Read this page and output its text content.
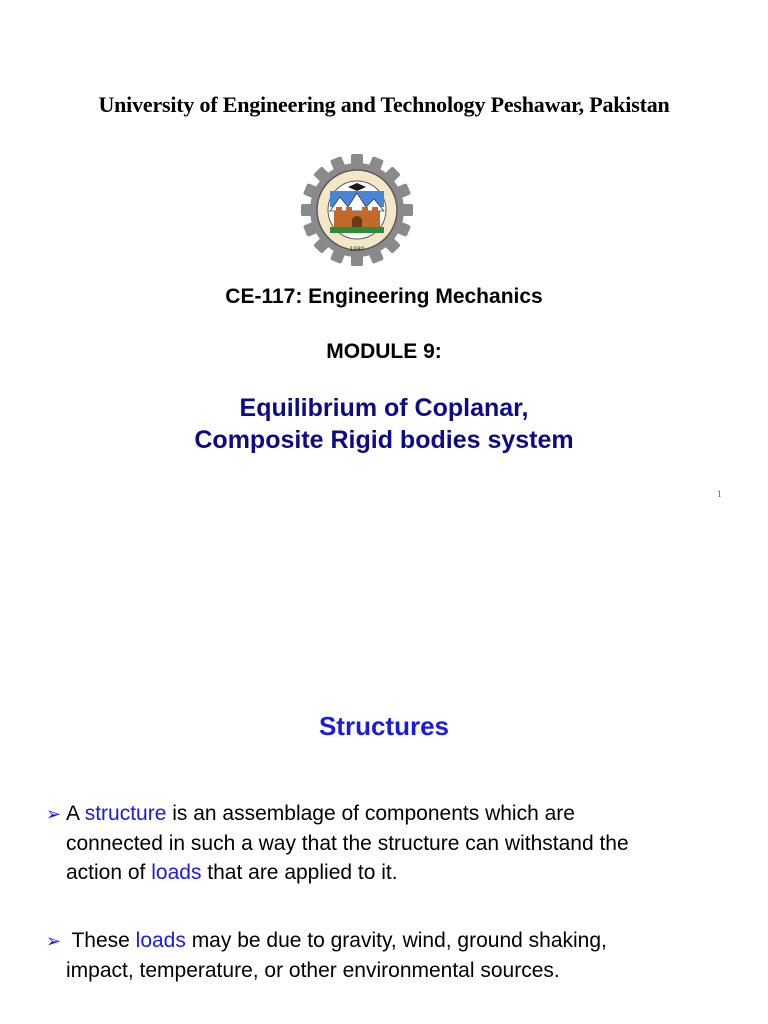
University of Engineering and Technology Peshawar, Pakistan
1980
CE-117: Engineering Mechanics
MODULE 9:
Equilibrium of Coplanar,
Composite Rigid bodies system
1
Structures
➢ A structure is an assemblage of components which are
connected in such a way that the structure can withstand the
action of loads that are applied to it.
➢ These loads may be due to gravity, wind, ground shaking,
impact, temperature, or other environmental sources.
